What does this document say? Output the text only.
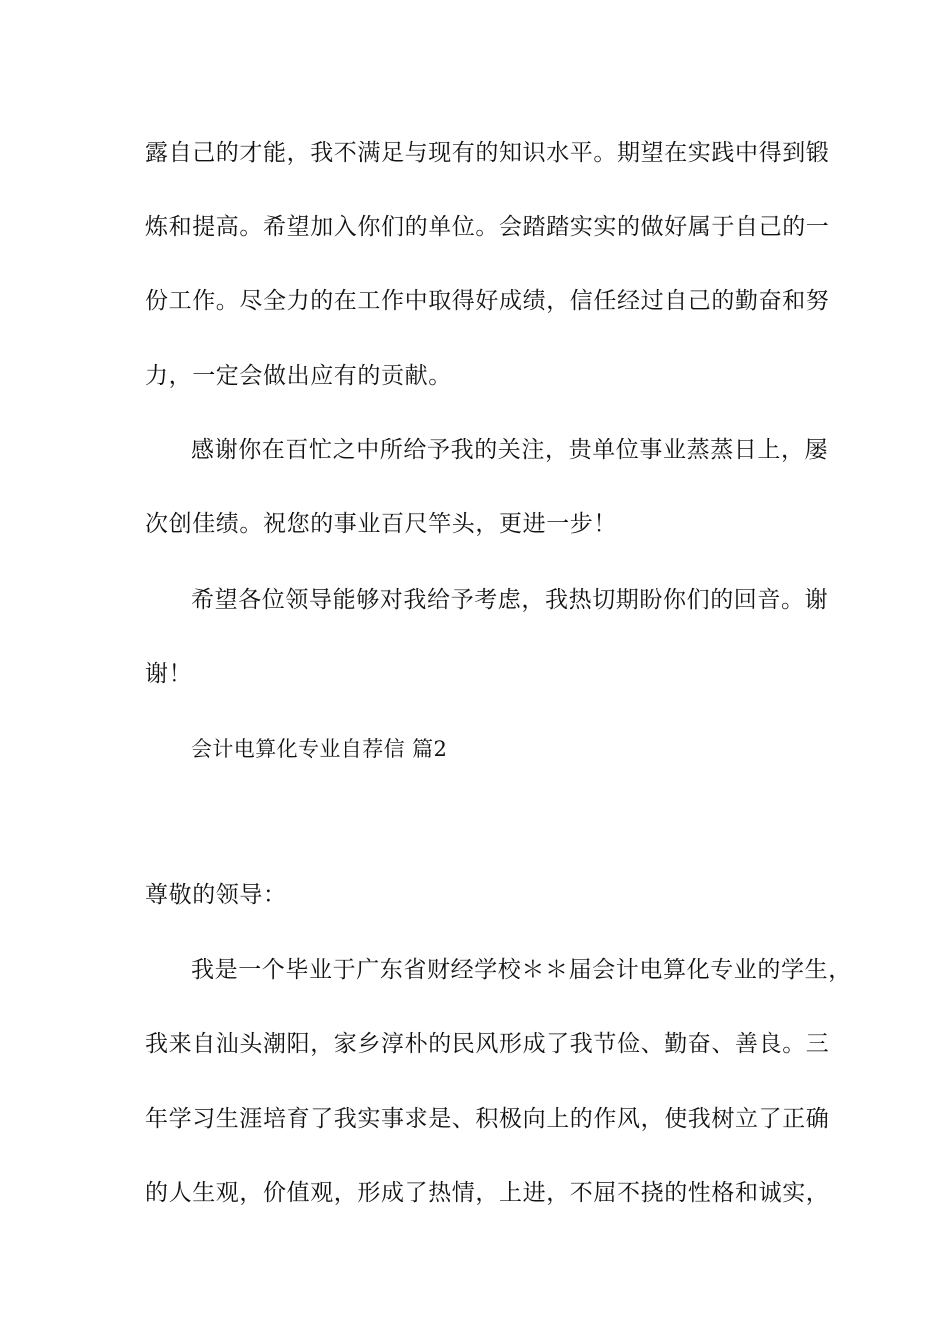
露自己的才能，我不满足与现有的知识水平。期望在实践中得到锻
炼和提高。希望加入你们的单位。会踏踏实实的做好属于自己的一
份工作。尽全力的在工作中取得好成绩，信任经过自己的勤奋和努
力，一定会做出应有的贡献。
感谢你在百忙之中所给予我的关注，贵单位事业蒸蒸日上，屡
次创佳绩。祝您的事业百尺竿头，更进一步！
希望各位领导能够对我给予考虑，我热切期盼你们的回音。谢
谢！
会计电算化专业自荐信 篇2
尊敬的领导：
我是一个毕业于广东省财经学校＊＊届会计电算化专业的学生，
我来自汕头潮阳，家乡淳朴的民风形成了我节俭、勤奋、善良。三
年学习生涯培育了我实事求是、积极向上的作风，使我树立了正确
的人生观，价值观，形成了热情，上进，不屈不挠的性格和诚实，
